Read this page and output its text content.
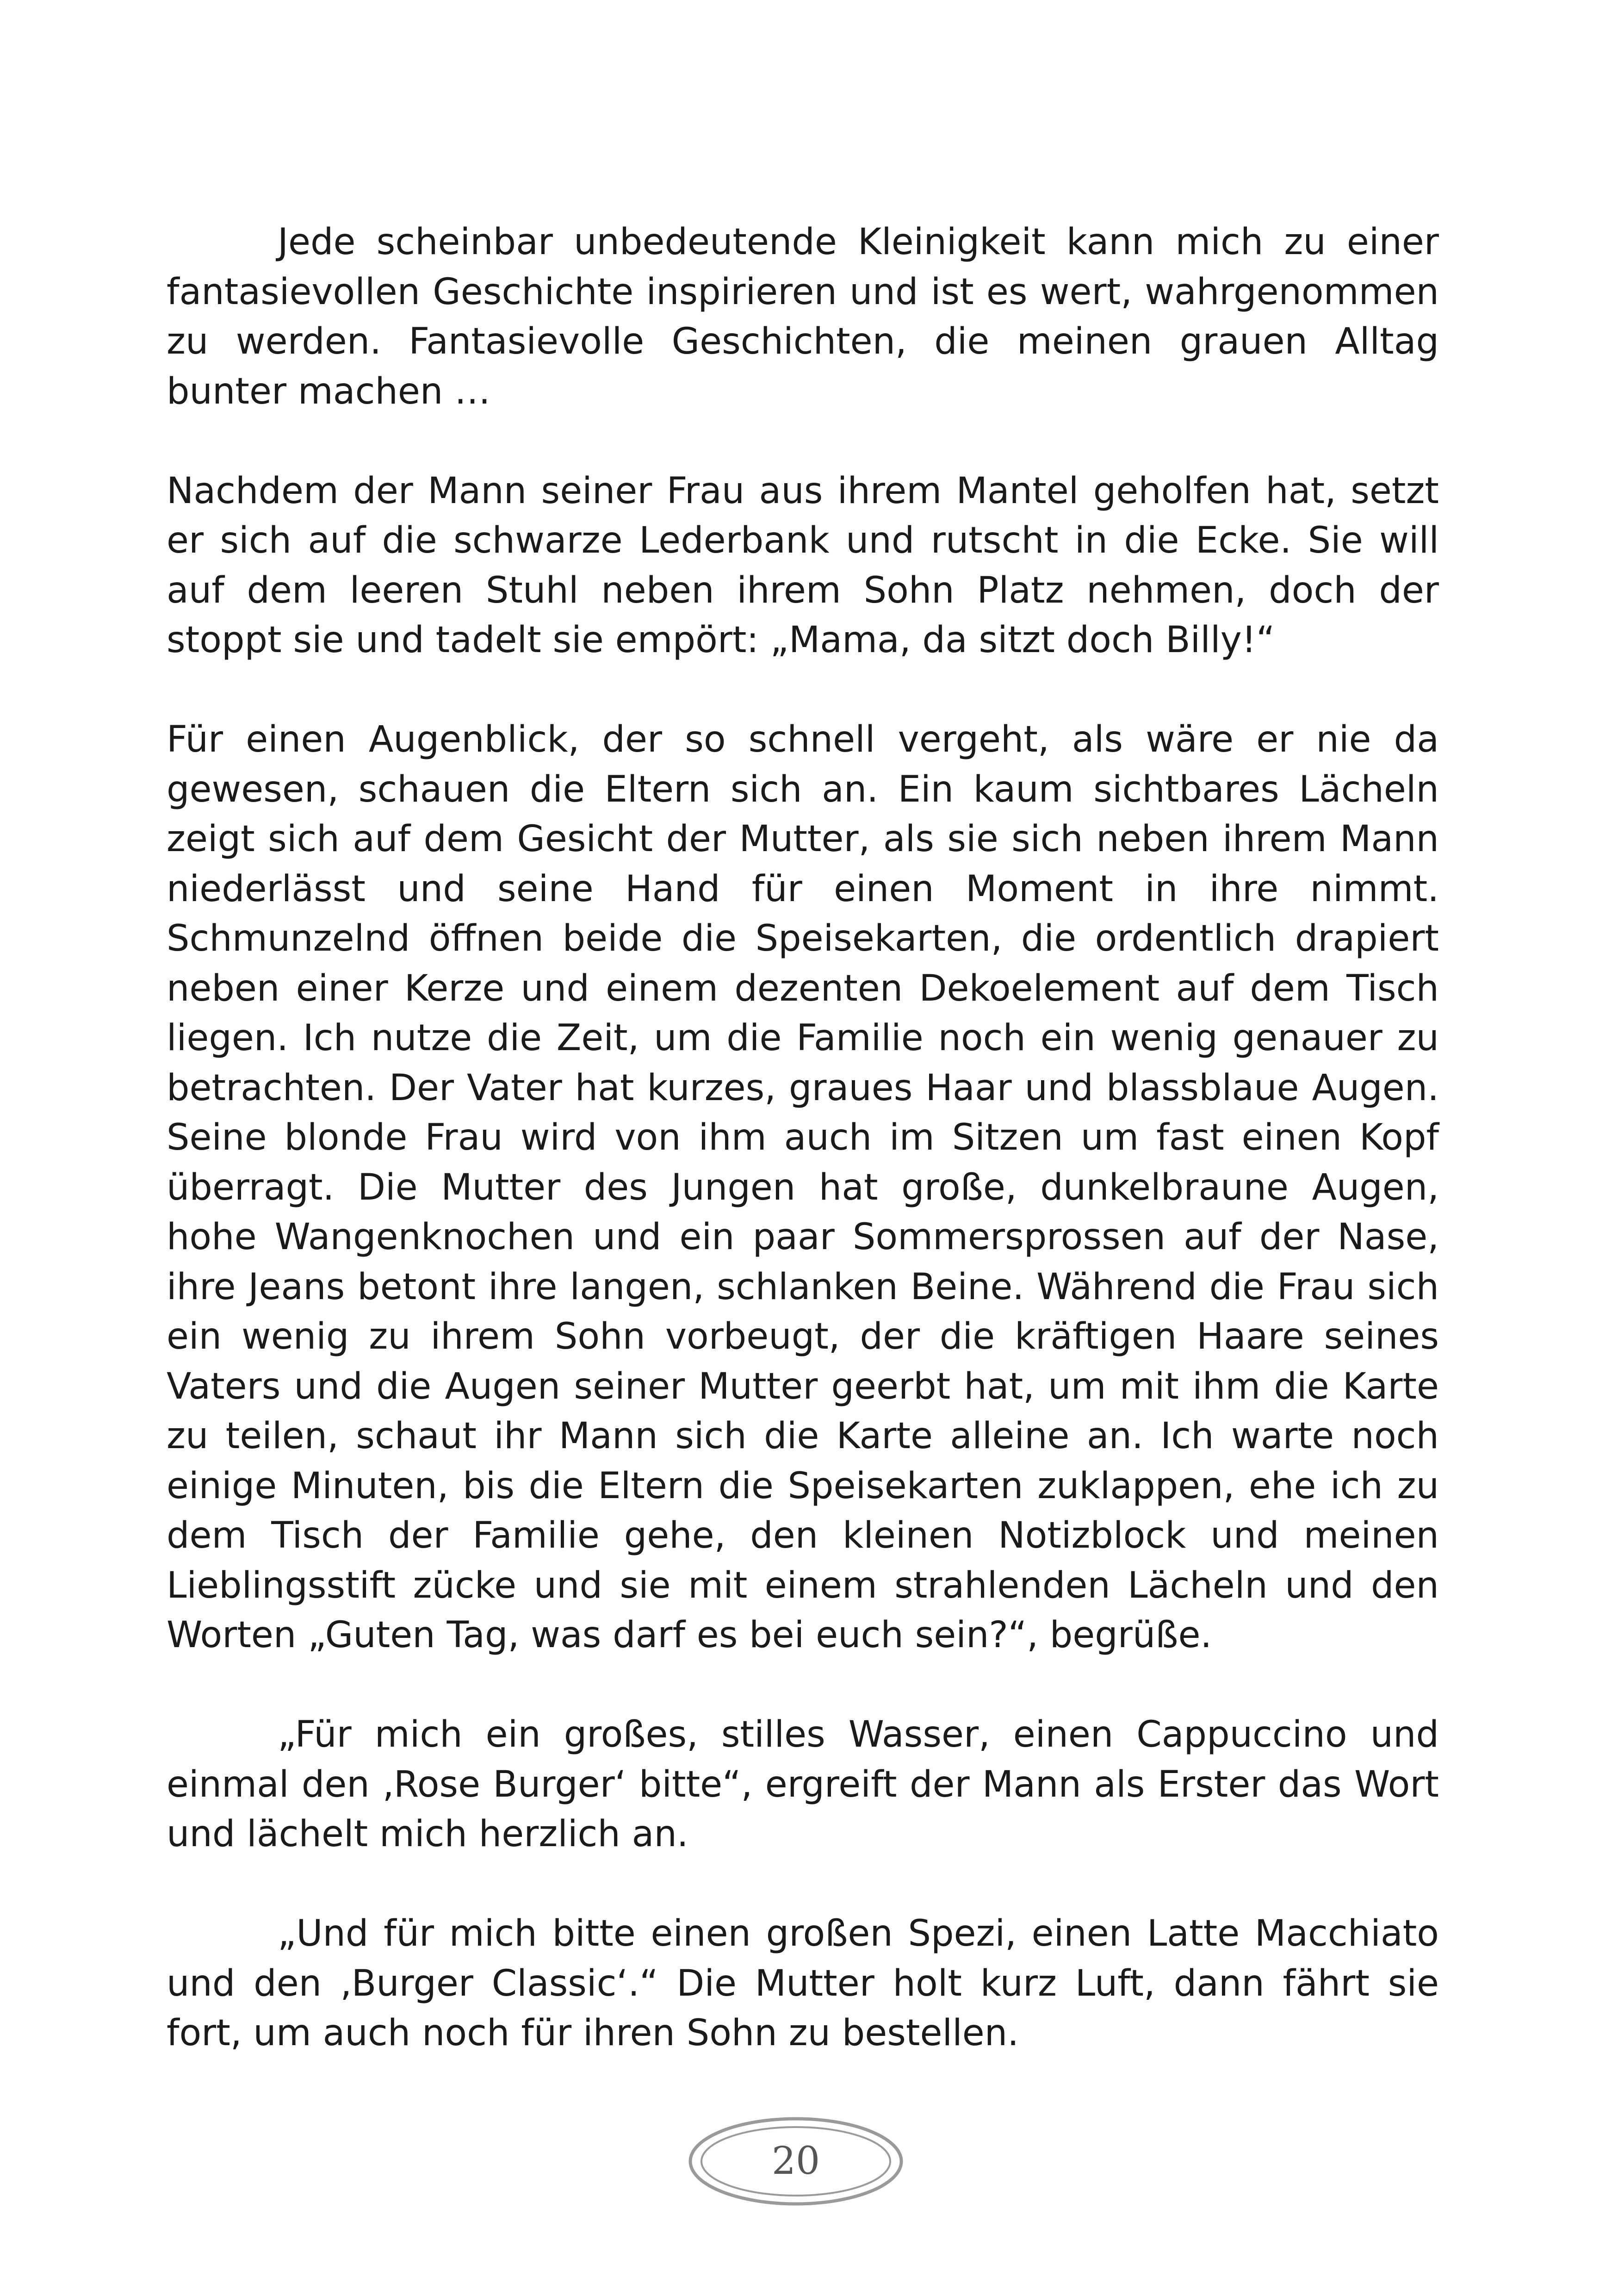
Jede scheinbar unbedeutende Kleinigkeit kann mich zu einer fantasievollen Geschichte inspirieren und ist es wert, wahrgenommen zu werden. Fantasievolle Geschichten, die meinen grauen Alltag bunter machen …

Nachdem der Mann seiner Frau aus ihrem Mantel geholfen hat, setzt er sich auf die schwarze Lederbank und rutscht in die Ecke. Sie will auf dem leeren Stuhl neben ihrem Sohn Platz nehmen, doch der stoppt sie und tadelt sie empört: „Mama, da sitzt doch Billy!“

Für einen Augenblick, der so schnell vergeht, als wäre er nie da gewesen, schauen die Eltern sich an. Ein kaum sichtbares Lächeln zeigt sich auf dem Gesicht der Mutter, als sie sich neben ihrem Mann niederlässt und seine Hand für einen Moment in ihre nimmt. Schmunzelnd öffnen beide die Speisekarten, die ordentlich drapiert neben einer Kerze und einem dezenten Dekoelement auf dem Tisch liegen. Ich nutze die Zeit, um die Familie noch ein wenig genauer zu betrachten. Der Vater hat kurzes, graues Haar und blassblaue Augen. Seine blonde Frau wird von ihm auch im Sitzen um fast einen Kopf überragt. Die Mutter des Jungen hat große, dunkelbraune Augen, hohe Wangenknochen und ein paar Sommersprossen auf der Nase, ihre Jeans betont ihre langen, schlanken Beine. Während die Frau sich ein wenig zu ihrem Sohn vorbeugt, der die kräftigen Haare seines Vaters und die Augen seiner Mutter geerbt hat, um mit ihm die Karte zu teilen, schaut ihr Mann sich die Karte alleine an. Ich warte noch einige Minuten, bis die Eltern die Speisekarten zuklappen, ehe ich zu dem Tisch der Familie gehe, den kleinen Notizblock und meinen Lieblingsstift zücke und sie mit einem strahlenden Lächeln und den Worten „Guten Tag, was darf es bei euch sein?“, begrüße.

„Für mich ein großes, stilles Wasser, einen Cappuccino und einmal den ‚Rose Burger‘ bitte“, ergreift der Mann als Erster das Wort und lächelt mich herzlich an.

„Und für mich bitte einen großen Spezi, einen Latte Macchiato und den ‚Burger Classic‘.“ Die Mutter holt kurz Luft, dann fährt sie fort, um auch noch für ihren Sohn zu bestellen.

20
